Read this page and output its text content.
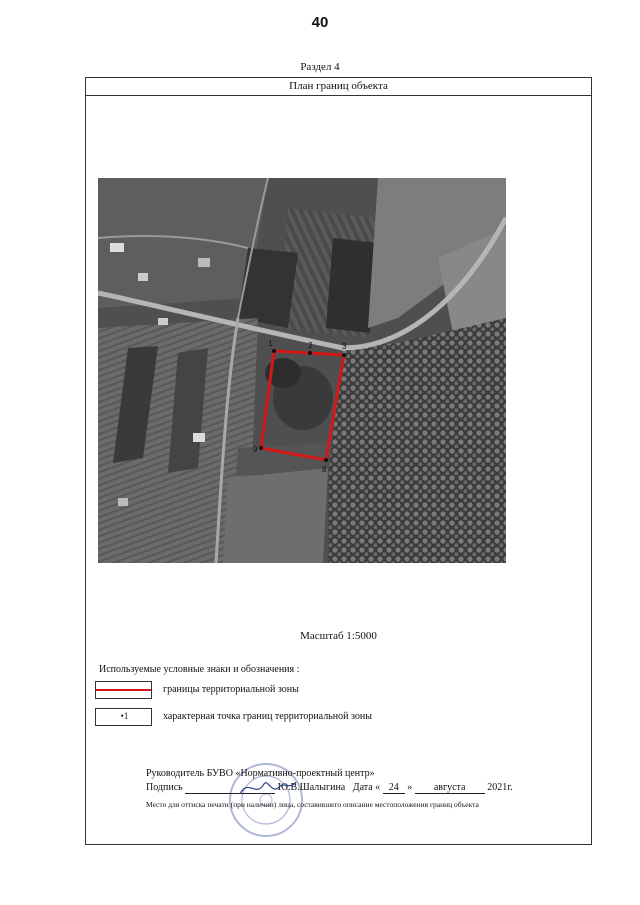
40
Раздел 4
План границ объекта
1	2	3
8
9
Масштаб 1:5000
Используемые условные знаки и обозначения :
границы территориальной зоны
•1	характерная точка границ территориальной зоны
Руководитель БУВО «Нормативно-проектный центр»
Подпись	Ю.В.Шалыгина Дата « 24 » августа 2021г.
Место для оттиска печати (при наличии) лица, составившего описание местоположения границ объекта
